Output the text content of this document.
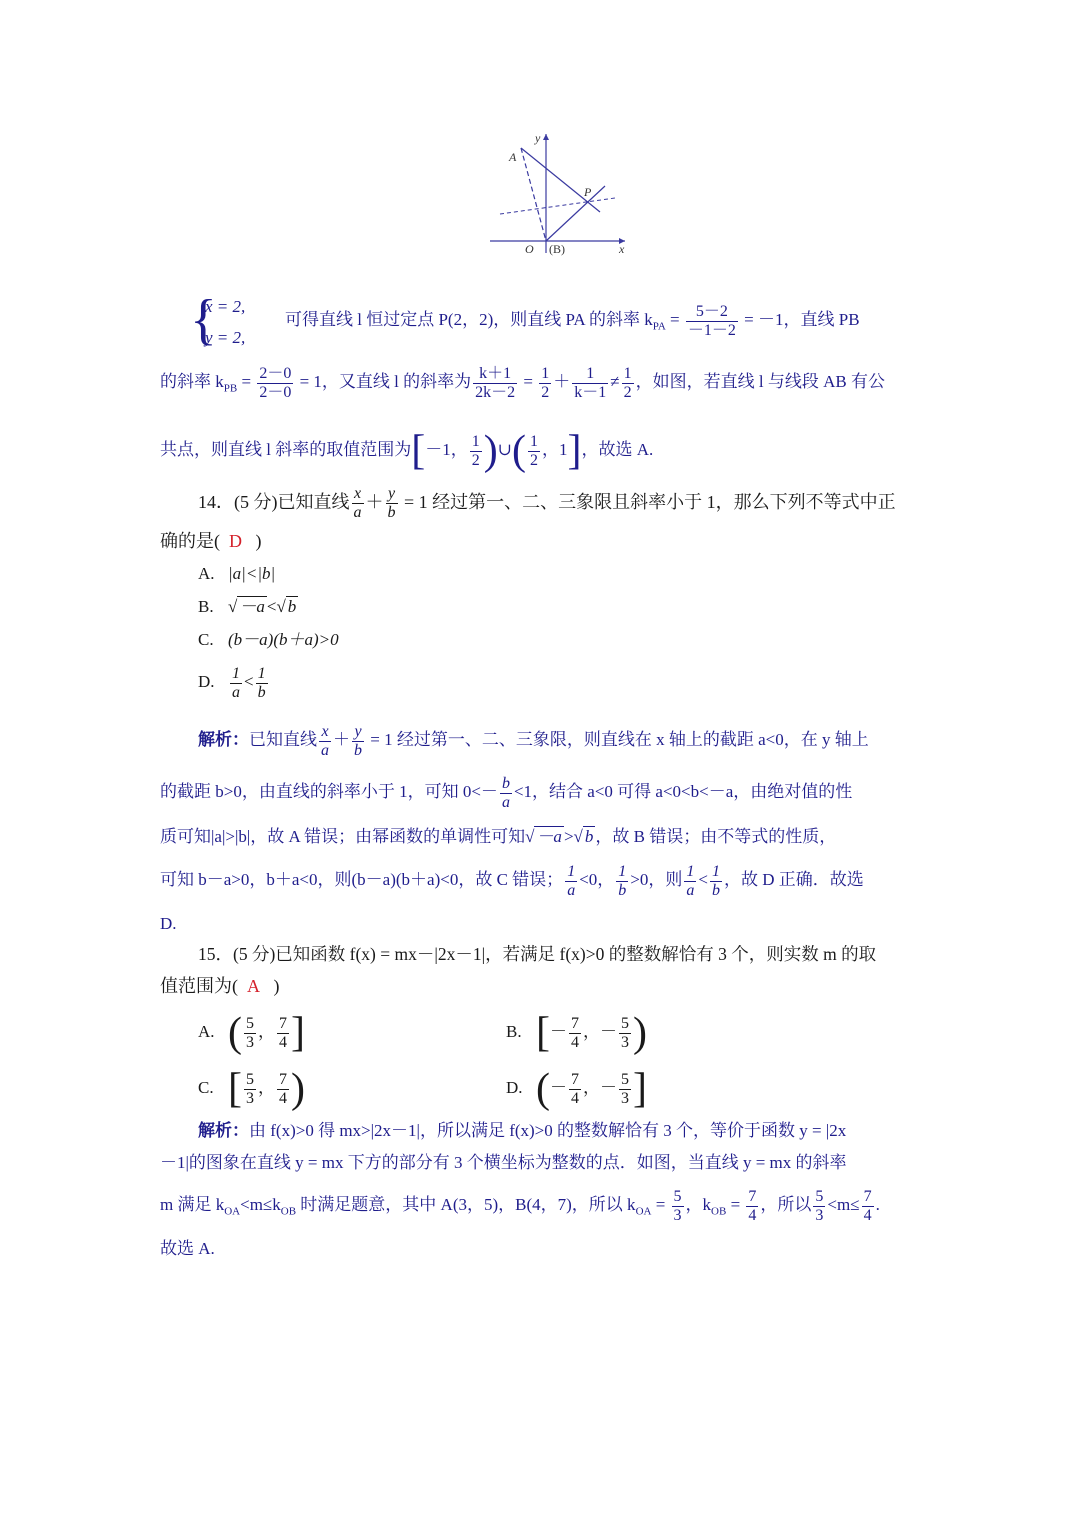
y
x
A
P
O (B)
{
x = 2,
y = 2,
可得直线 l 恒过定点 P(2，2)，则直线 PA 的斜率 $k_{PA} = \frac{5-2}{-1-2} = -1$，直线 PB
的斜率 $k_{PB} = \frac{2-0}{2-0} = 1$，又直线 l 的斜率为 $\frac{k+1}{2k-2} = \frac{1}{2} + \frac{1}{k-1} \ne \frac{1}{2}$ ，如图，若直线 l 与线段 AB 有公
共点，则直线 l 斜率的取值范围为[－1， $\frac{1}{2}$ )∪( $\frac{1}{2}$ ，1]，故选 A.
14．(5 分)已知直线 $\frac{x}{a} + \frac{y}{b} = 1$ 经过第一、二、三象限且斜率小于 1，那么下列不等式中正
确的是( D )
A. |a|<|b|
B. √ －a <√ b
C. (b－a)(b＋a)>0
D. $\frac{1}{a} < \frac{1}{b}$
解析：已知直线 $\frac{x}{a} + \frac{y}{b} = 1$ 经过第一、二、三象限，则直线在 x 轴上的截距 a<0，在 y 轴上
的截距 b>0，由直线的斜率小于 1，可知 $0<- \frac{b}{a} <1$，结合 a<0 可得 a<0<b<－a，由绝对值的性
质可知|a|>|b|，故 A 错误；由幂函数的单调性可知√ －a >√ b ，故 B 错误；由不等式的性质，
可知 b－a>0，b＋a<0，则(b－a)(b＋a)<0，故 C 错误； $\frac{1}{a} <0$， $\frac{1}{b} >0$，则 $\frac{1}{a} < \frac{1}{b}$ ，故 D 正确．故选
D.
15．(5 分)已知函数 f(x) = mx－|2x－1|，若满足 f(x)>0 的整数解恰有 3 个，则实数 m 的取
值范围为( A )
A. ( $\frac{5}{3}$ ， $\frac{7}{4}$ ]	B. [－ $\frac{7}{4}$ ，－ $\frac{5}{3}$ )
C. [ $\frac{5}{3}$ ， $\frac{7}{4}$ )	D. (－ $\frac{7}{4}$ ，－ $\frac{5}{3}$ ]
解析：由 f(x)>0 得 mx>|2x－1|，所以满足 f(x)>0 的整数解恰有 3 个，等价于函数 y = |2x
－1|的图象在直线 y = mx 下方的部分有 3 个横坐标为整数的点．如图，当直线 y = mx 的斜率
m 满足 $k_{OA}<m\le k_{OB}$ 时满足题意，其中 A(3，5)，B(4，7)，所以 $k_{OA} = \frac{5}{3}$ ，$k_{OB} = \frac{7}{4}$ ，所以 $\frac{5}{3} <m\le \frac{7}{4}$ .
故选 A.
